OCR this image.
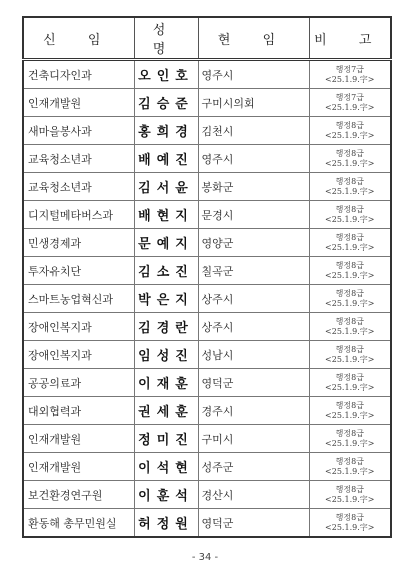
신 임	성 명	현 임	비 고
건축디자인과	오인호	영주시	행정7급
<25.1.9.字>

인재개발원	김승준	구미시의회	행정7급
<25.1.9.字>

새마을봉사과	홍희경	김천시	행정8급
<25.1.9.字>

교육청소년과	배예진	영주시	행정8급
<25.1.9.字>

교육청소년과	김서윤	봉화군	행정8급
<25.1.9.字>

디지털메타버스과	배현지	문경시	행정8급
<25.1.9.字>

민생경제과	문예지	영양군	행정8급
<25.1.9.字>

투자유치단	김소진	칠곡군	행정8급
<25.1.9.字>

스마트농업혁신과	박은지	상주시	행정8급
<25.1.9.字>

장애인복지과	김경란	상주시	행정8급
<25.1.9.字>

장애인복지과	임성진	성남시	행정8급
<25.1.9.字>

공공의료과	이재훈	영덕군	행정8급
<25.1.9.字>

대외협력과	권세훈	경주시	행정8급
<25.1.9.字>

인재개발원	정미진	구미시	행정8급
<25.1.9.字>

인재개발원	이석현	성주군	행정8급
<25.1.9.字>

보건환경연구원	이훈석	경산시	행정8급
<25.1.9.字>

환동해 총무민원실	허정원	영덕군	행정8급
<25.1.9.字>
- 34 -
